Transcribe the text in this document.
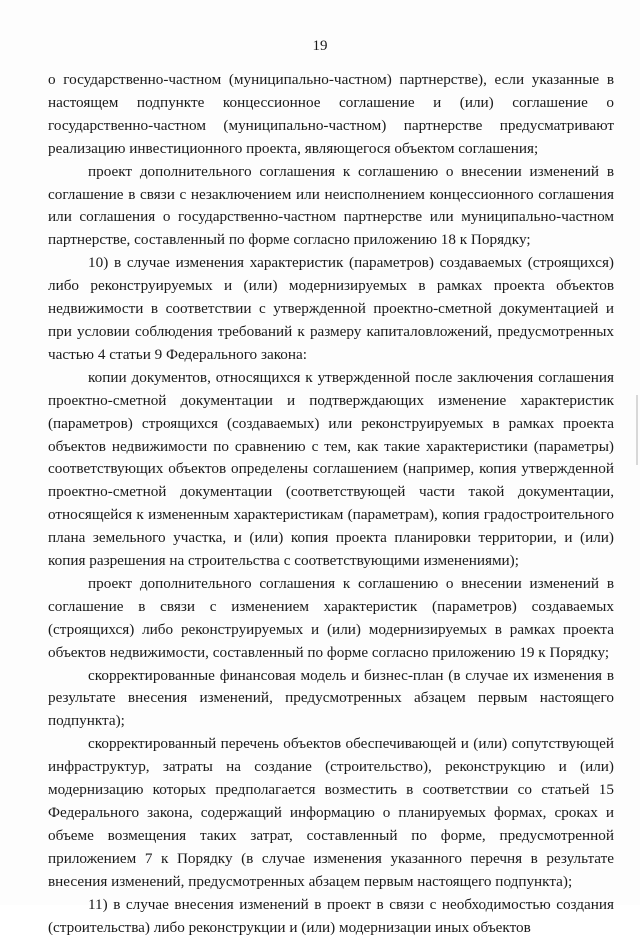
19

о государственно-частном (муниципально-частном) партнерстве), если указанные в настоящем подпункте концессионное соглашение и (или) соглашение о государственно-частном (муниципально-частном) партнерстве предусматривают реализацию инвестиционного проекта, являющегося объектом соглашения;

проект дополнительного соглашения к соглашению о внесении изменений в соглашение в связи с незаключением или неисполнением концессионного соглашения или соглашения о государственно-частном партнерстве или муниципально-частном партнерстве, составленный по форме согласно приложению 18 к Порядку;

10) в случае изменения характеристик (параметров) создаваемых (строящихся) либо реконструируемых и (или) модернизируемых в рамках проекта объектов недвижимости в соответствии с утвержденной проектно-сметной документацией и при условии соблюдения требований к размеру капиталовложений, предусмотренных частью 4 статьи 9 Федерального закона:

копии документов, относящихся к утвержденной после заключения соглашения проектно-сметной документации и подтверждающих изменение характеристик (параметров) строящихся (создаваемых) или реконструируемых в рамках проекта объектов недвижимости по сравнению с тем, как такие характеристики (параметры) соответствующих объектов определены соглашением (например, копия утвержденной проектно-сметной документации (соответствующей части такой документации, относящейся к измененным характеристикам (параметрам), копия градостроительного плана земельного участка, и (или) копия проекта планировки территории, и (или) копия разрешения на строительства с соответствующими изменениями);

проект дополнительного соглашения к соглашению о внесении изменений в соглашение в связи с изменением характеристик (параметров) создаваемых (строящихся) либо реконструируемых и (или) модернизируемых в рамках проекта объектов недвижимости, составленный по форме согласно приложению 19 к Порядку;

скорректированные финансовая модель и бизнес-план (в случае их изменения в результате внесения изменений, предусмотренных абзацем первым настоящего подпункта);

скорректированный перечень объектов обеспечивающей и (или) сопутствующей инфраструктур, затраты на создание (строительство), реконструкцию и (или) модернизацию которых предполагается возместить в соответствии со статьей 15 Федерального закона, содержащий информацию о планируемых формах, сроках и объеме возмещения таких затрат, составленный по форме, предусмотренной приложением 7 к Порядку (в случае изменения указанного перечня в результате внесения изменений, предусмотренных абзацем первым настоящего подпункта);

11) в случае внесения изменений в проект в связи с необходимостью создания (строительства) либо реконструкции и (или) модернизации иных объектов
